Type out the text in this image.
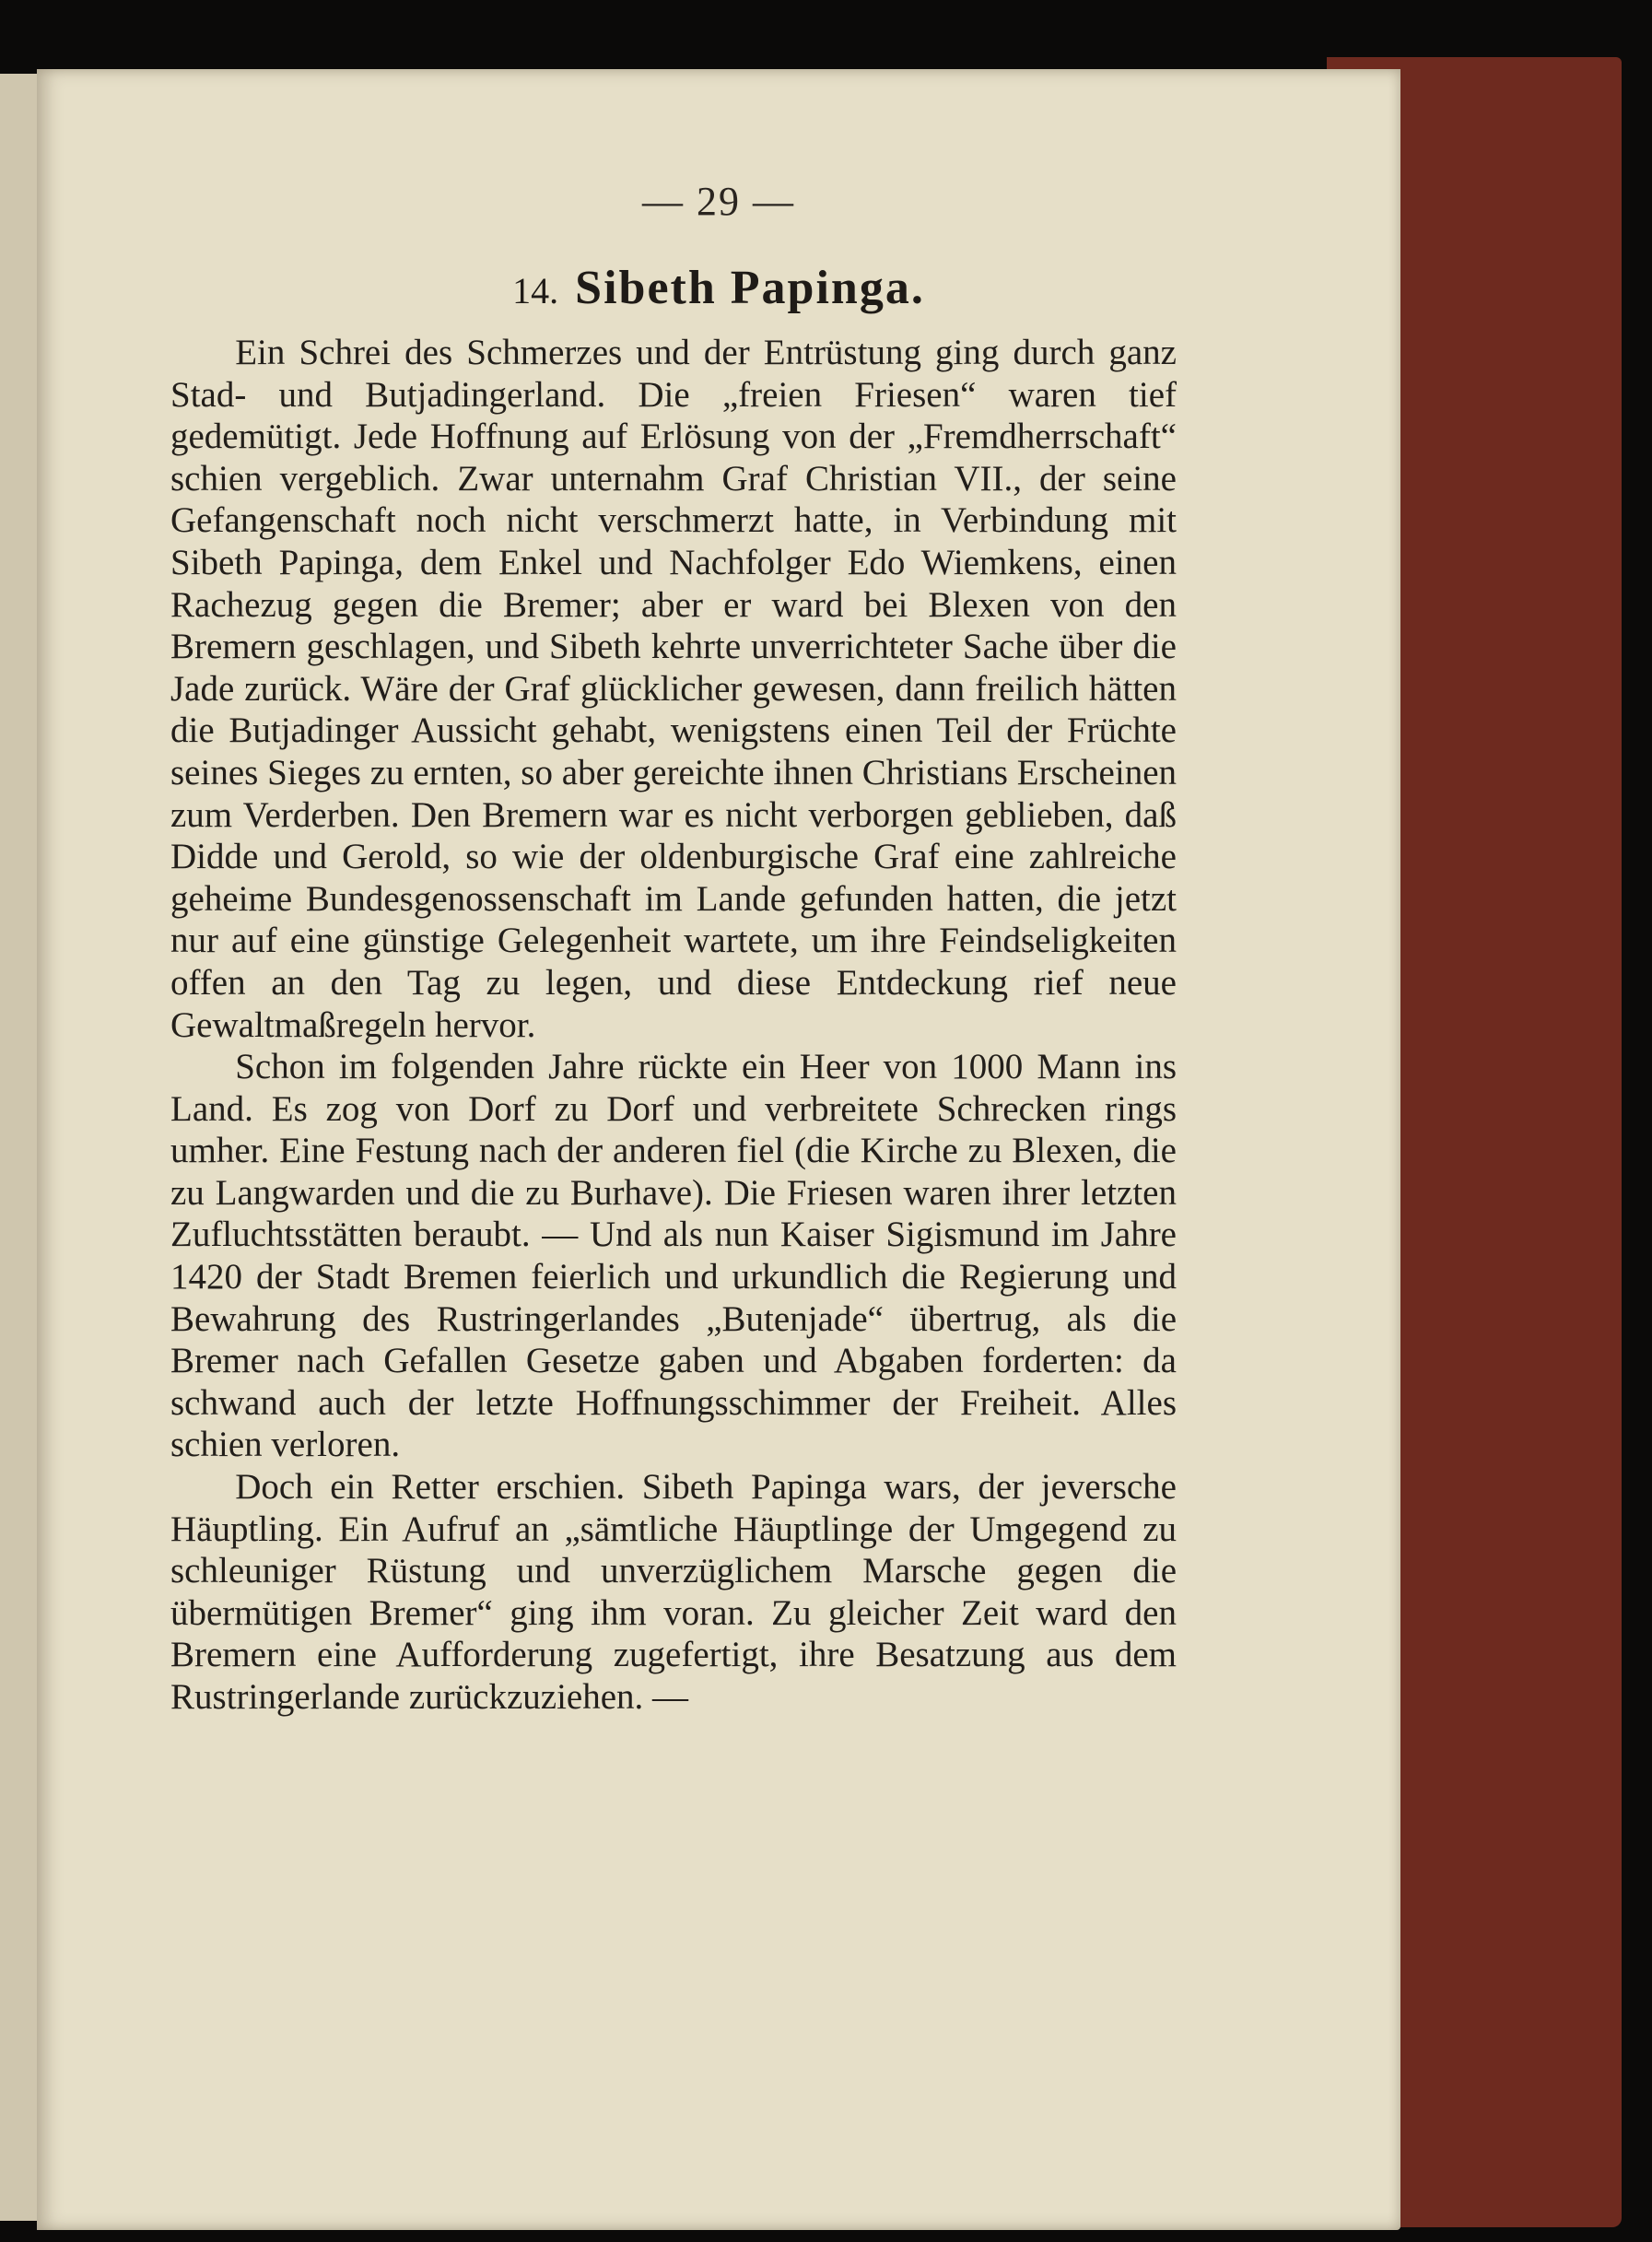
— 29 —
14. Sibeth Papinga.

Ein Schrei des Schmerzes und der Entrüstung ging durch ganz Stad- und Butjadingerland. Die „freien Friesen“ waren tief gedemütigt. Jede Hoffnung auf Erlösung von der „Fremdherrschaft“ schien vergeblich. Zwar unternahm Graf Christian VII., der seine Gefangenschaft noch nicht verschmerzt hatte, in Verbindung mit Sibeth Papinga, dem Enkel und Nachfolger Edo Wiemkens, einen Rachezug gegen die Bremer; aber er ward bei Blexen von den Bremern geschlagen, und Sibeth kehrte unverrichteter Sache über die Jade zurück. Wäre der Graf glücklicher gewesen, dann freilich hätten die Butjadinger Aussicht gehabt, wenigstens einen Teil der Früchte seines Sieges zu ernten, so aber gereichte ihnen Christians Erscheinen zum Verderben. Den Bremern war es nicht verborgen geblieben, daß Didde und Gerold, so wie der oldenburgische Graf eine zahlreiche geheime Bundesgenossenschaft im Lande gefunden hatten, die jetzt nur auf eine günstige Gelegenheit wartete, um ihre Feindseligkeiten offen an den Tag zu legen, und diese Entdeckung rief neue Gewaltmaßregeln hervor.

Schon im folgenden Jahre rückte ein Heer von 1000 Mann ins Land. Es zog von Dorf zu Dorf und verbreitete Schrecken rings umher. Eine Festung nach der anderen fiel (die Kirche zu Blexen, die zu Langwarden und die zu Burhave). Die Friesen waren ihrer letzten Zufluchtsstätten beraubt. — Und als nun Kaiser Sigismund im Jahre 1420 der Stadt Bremen feierlich und urkundlich die Regierung und Bewahrung des Rustringerlandes „Butenjade“ übertrug, als die Bremer nach Gefallen Gesetze gaben und Abgaben forderten: da schwand auch der letzte Hoffnungsschimmer der Freiheit. Alles schien verloren.

Doch ein Retter erschien. Sibeth Papinga wars, der jeversche Häuptling. Ein Aufruf an „sämtliche Häuptlinge der Umgegend zu schleuniger Rüstung und unverzüglichem Marsche gegen die übermütigen Bremer“ ging ihm voran. Zu gleicher Zeit ward den Bremern eine Aufforderung zugefertigt, ihre Besatzung aus dem Rustringerlande zurückzuziehen. —
